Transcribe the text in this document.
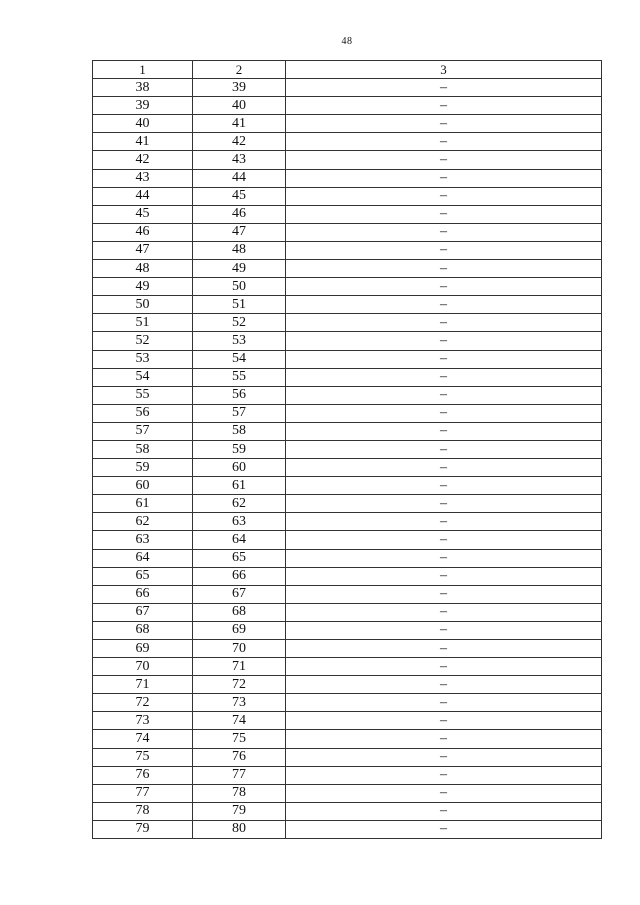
48
1	2	3
38	39	–
39	40	–
40	41	–
41	42	–
42	43	–
43	44	–
44	45	–
45	46	–
46	47	–
47	48	–
48	49	–
49	50	–
50	51	–
51	52	–
52	53	–
53	54	–
54	55	–
55	56	–
56	57	–
57	58	–
58	59	–
59	60	–
60	61	–
61	62	–
62	63	–
63	64	–
64	65	–
65	66	–
66	67	–
67	68	–
68	69	–
69	70	–
70	71	–
71	72	–
72	73	–
73	74	–
74	75	–
75	76	–
76	77	–
77	78	–
78	79	–
79	80	–
